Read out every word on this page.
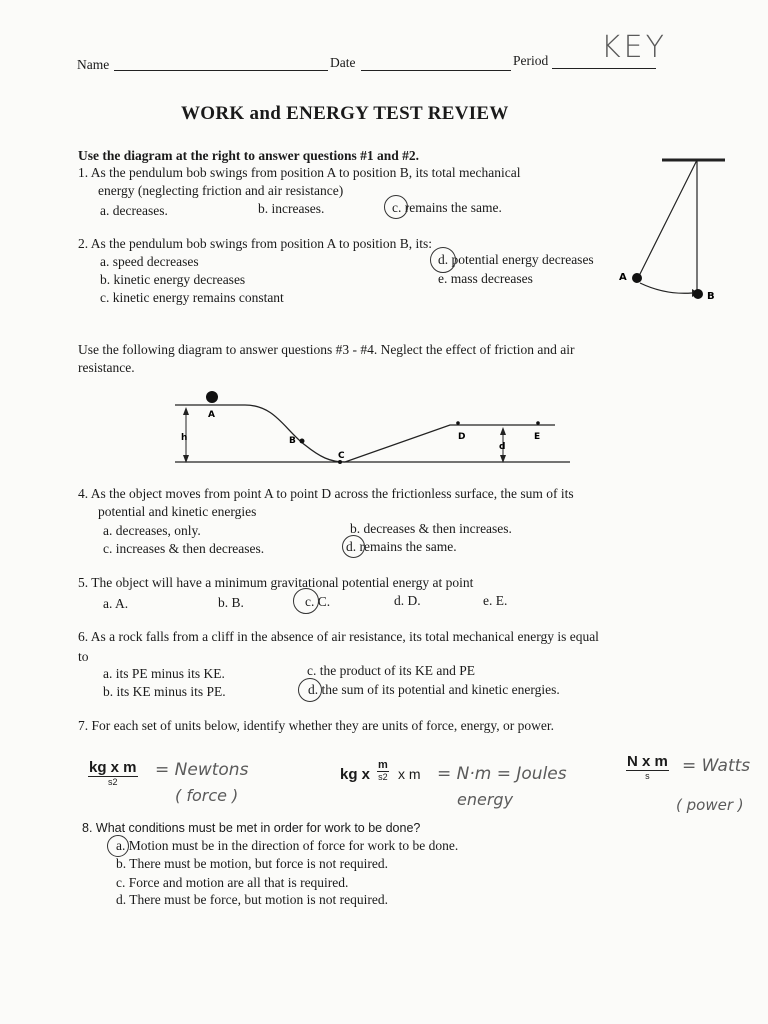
Name	Date	Period KEY
WORK and ENERGY TEST REVIEW
Use the diagram at the right to answer questions #1 and #2.
1. As the pendulum bob swings from position A to position B, its total mechanical
energy (neglecting friction and air resistance)
a. decreases.	b. increases.	c. remains the same.
2. As the pendulum bob swings from position A to position B, its:
a. speed decreases
b. kinetic energy decreases
c. kinetic energy remains constant
d. potential energy decreases
e. mass decreases	A
B
Use the following diagram to answer questions #3 - #4. Neglect the effect of friction and air
resistance.
A
B
C
D	E
h
d
4. As the object moves from point A to point D across the frictionless surface, the sum of its
potential and kinetic energies
a. decreases, only.	b. decreases & then increases.
c. increases & then decreases.	d. remains the same.
5. The object will have a minimum gravitational potential energy at point
a. A.	b. B.	c. C.	d. D.	e. E.
6. As a rock falls from a cliff in the absence of air resistance, its total mechanical energy is equal
to
a. its PE minus its KE.	c. the product of its KE and PE
b. its KE minus its PE.	d. the sum of its potential and kinetic energies.
7. For each set of units below, identify whether they are units of force, energy, or power.
kg x m
s2
= Newtons
( force )
kg x
m
s2 x m = N·m = Joules
energy
N x m
s	= Watts
( power )
8. What conditions must be met in order for work to be done?
a. Motion must be in the direction of force for work to be done.
b. There must be motion, but force is not required.
c. Force and motion are all that is required.
d. There must be force, but motion is not required.
